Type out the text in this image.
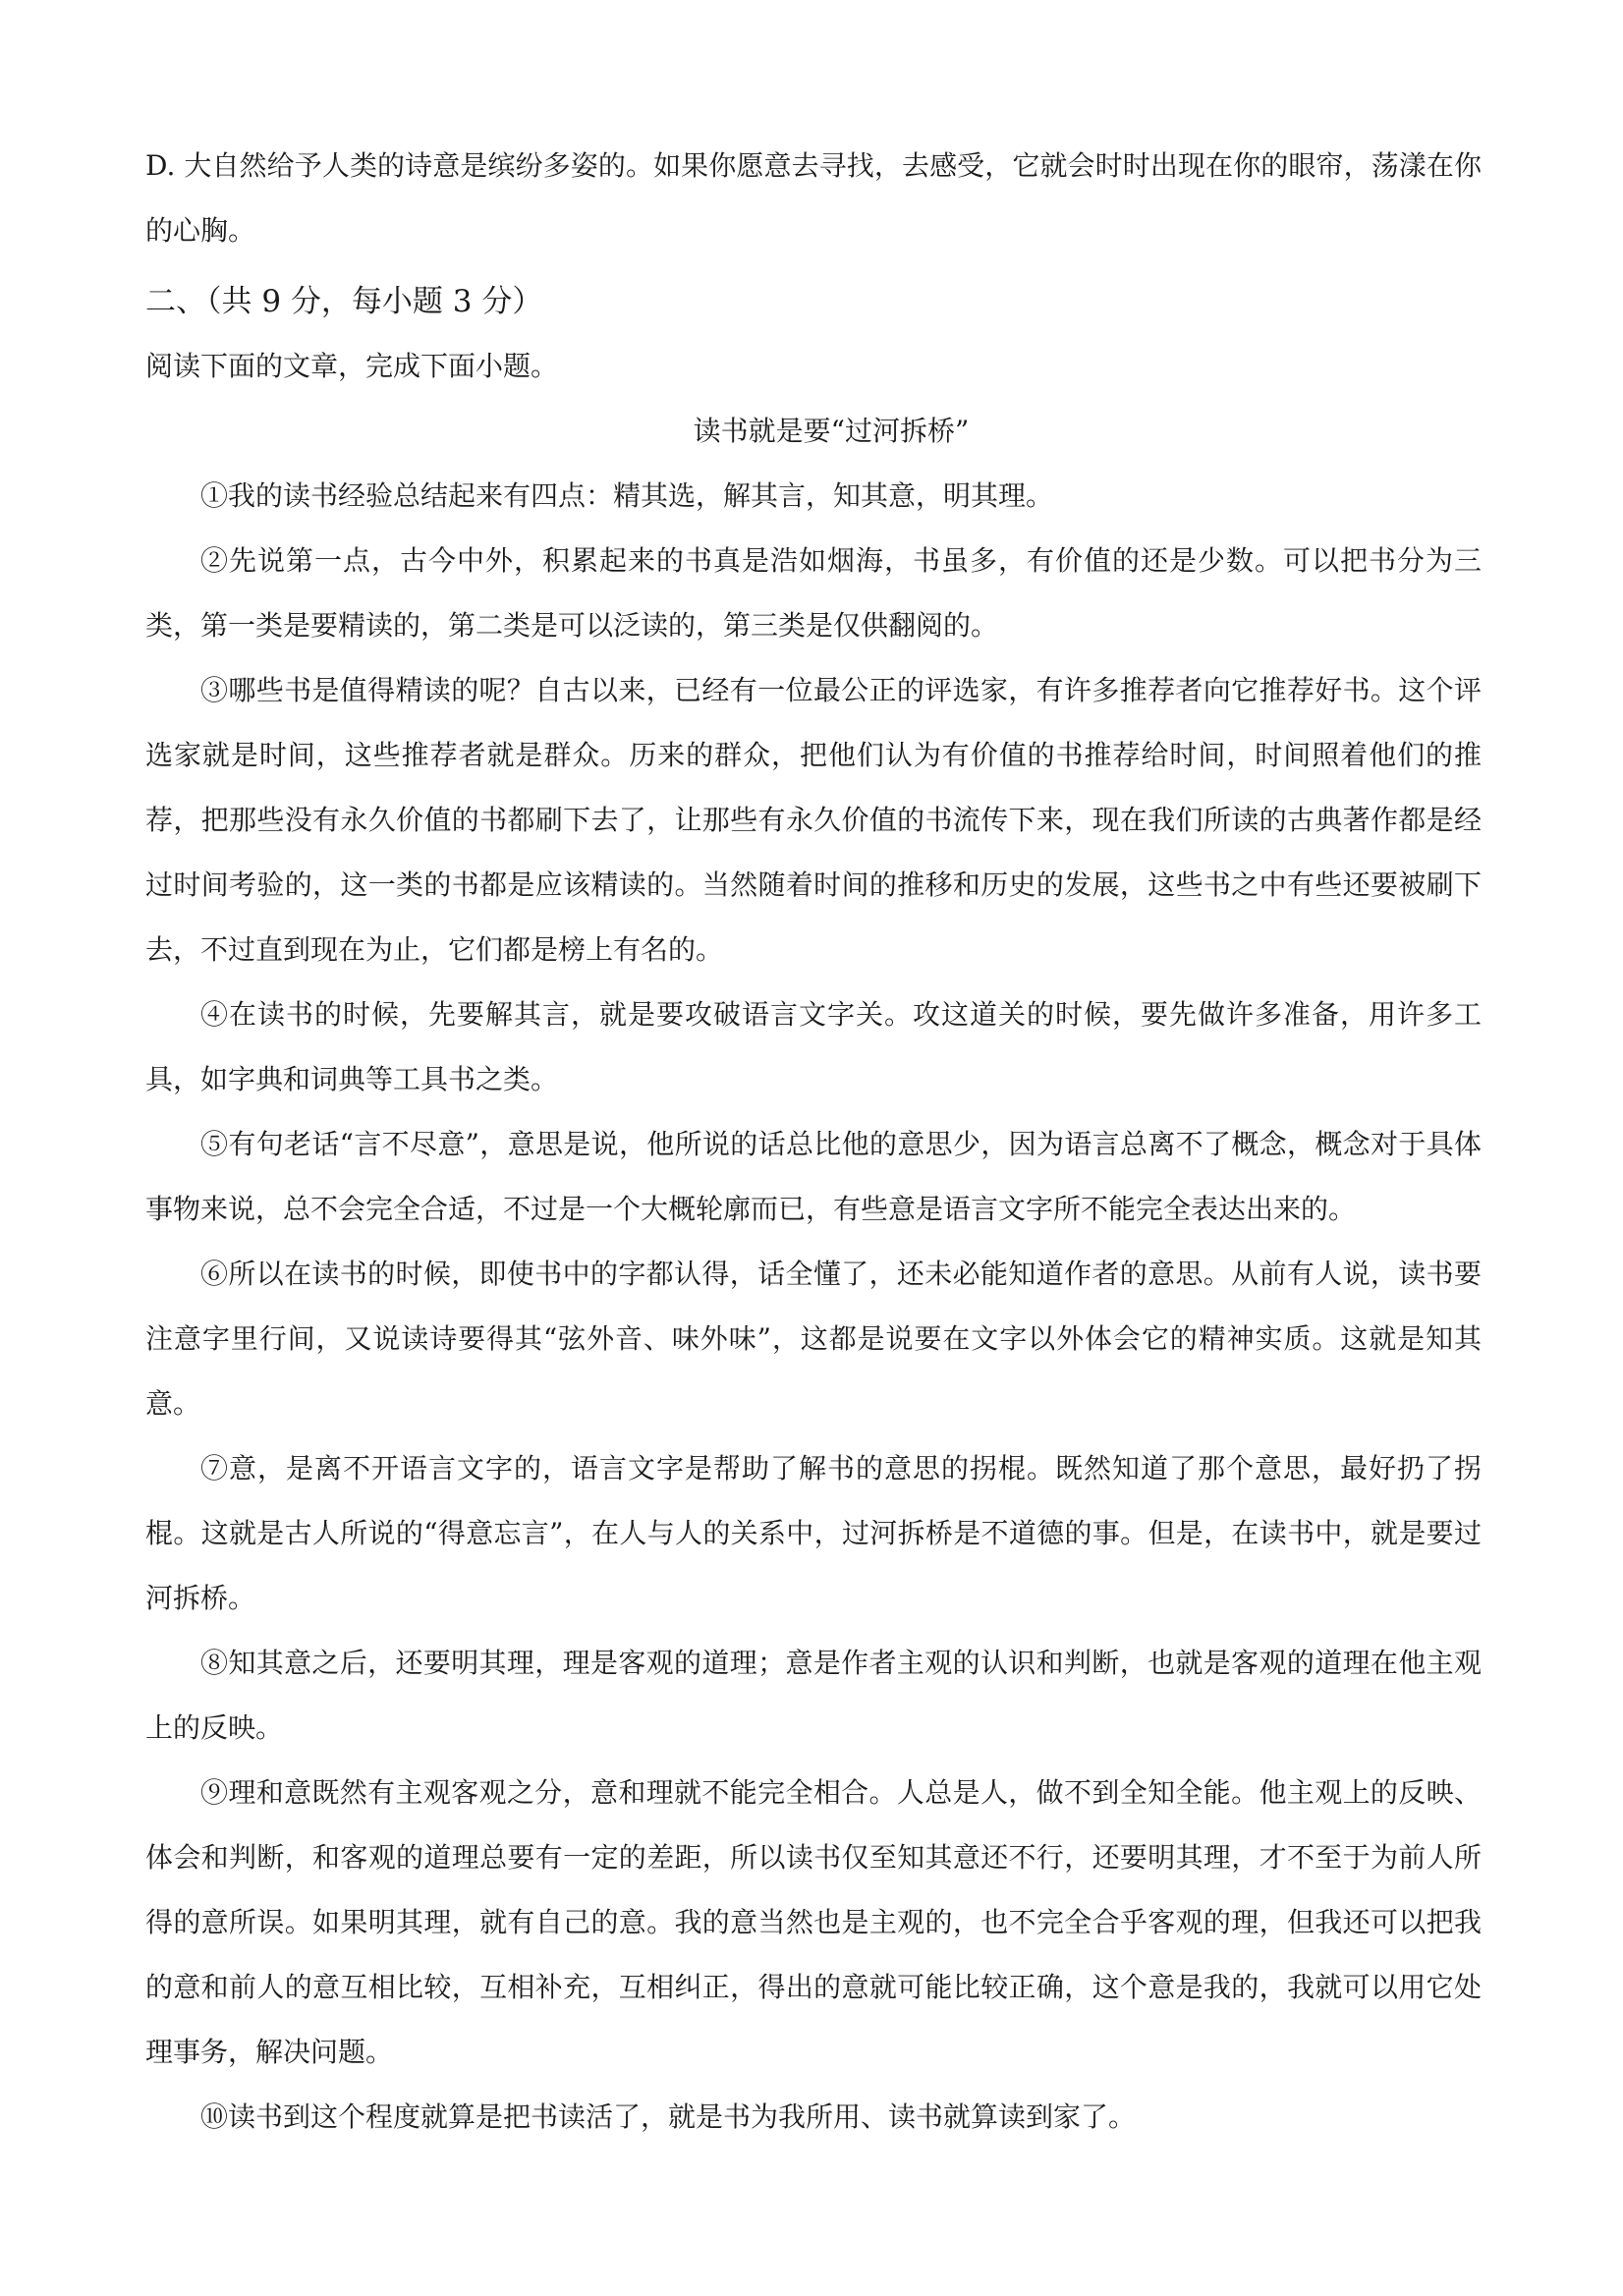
D. 大自然给予人类的诗意是缤纷多姿的。如果你愿意去寻找，去感受，它就会时时出现在你的眼帘，荡漾在你的心胸。

二、（共 9 分，每小题 3 分）

阅读下面的文章，完成下面小题。

读书就是要“过河拆桥”

①我的读书经验总结起来有四点：精其选，解其言，知其意，明其理。

②先说第一点，古今中外，积累起来的书真是浩如烟海，书虽多，有价值的还是少数。可以把书分为三类，第一类是要精读的，第二类是可以泛读的，第三类是仅供翻阅的。

③哪些书是值得精读的呢？自古以来，已经有一位最公正的评选家，有许多推荐者向它推荐好书。这个评选家就是时间，这些推荐者就是群众。历来的群众，把他们认为有价值的书推荐给时间，时间照着他们的推荐，把那些没有永久价值的书都刷下去了，让那些有永久价值的书流传下来，现在我们所读的古典著作都是经过时间考验的，这一类的书都是应该精读的。当然随着时间的推移和历史的发展，这些书之中有些还要被刷下去，不过直到现在为止，它们都是榜上有名的。

④在读书的时候，先要解其言，就是要攻破语言文字关。攻这道关的时候，要先做许多准备，用许多工具，如字典和词典等工具书之类。

⑤有句老话“言不尽意”，意思是说，他所说的话总比他的意思少，因为语言总离不了概念，概念对于具体事物来说，总不会完全合适，不过是一个大概轮廓而已，有些意是语言文字所不能完全表达出来的。

⑥所以在读书的时候，即使书中的字都认得，话全懂了，还未必能知道作者的意思。从前有人说，读书要注意字里行间，又说读诗要得其“弦外音、味外味”，这都是说要在文字以外体会它的精神实质。这就是知其意。

⑦意，是离不开语言文字的，语言文字是帮助了解书的意思的拐棍。既然知道了那个意思，最好扔了拐棍。这就是古人所说的“得意忘言”，在人与人的关系中，过河拆桥是不道德的事。但是，在读书中，就是要过河拆桥。

⑧知其意之后，还要明其理，理是客观的道理；意是作者主观的认识和判断，也就是客观的道理在他主观上的反映。

⑨理和意既然有主观客观之分，意和理就不能完全相合。人总是人，做不到全知全能。他主观上的反映、体会和判断，和客观的道理总要有一定的差距，所以读书仅至知其意还不行，还要明其理，才不至于为前人所得的意所误。如果明其理，就有自己的意。我的意当然也是主观的，也不完全合乎客观的理，但我还可以把我的意和前人的意互相比较，互相补充，互相纠正，得出的意就可能比较正确，这个意是我的，我就可以用它处理事务，解决问题。

⑩读书到这个程度就算是把书读活了，就是书为我所用、读书就算读到家了。
